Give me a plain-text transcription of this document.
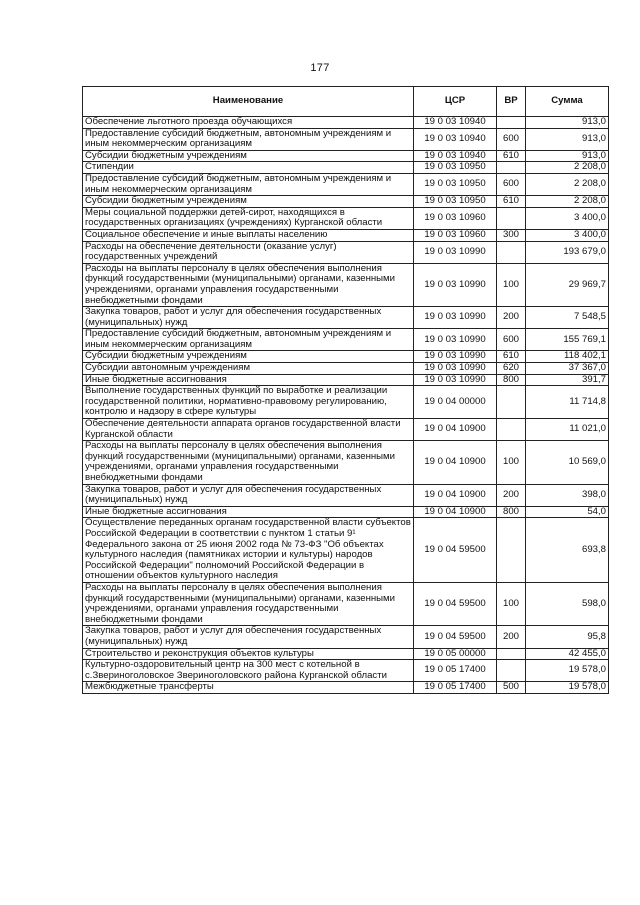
177
Наименование	ЦСР	ВР	Сумма
Обеспечение льготного проезда обучающихся	19 0 03 10940		913,0
Предоставление субсидий бюджетным, автономным учреждениям и иным некоммерческим организациям	19 0 03 10940	600	913,0
Субсидии бюджетным учреждениям	19 0 03 10940	610	913,0
Стипендии	19 0 03 10950		2 208,0
Предоставление субсидий бюджетным, автономным учреждениям и иным некоммерческим организациям	19 0 03 10950	600	2 208,0
Субсидии бюджетным учреждениям	19 0 03 10950	610	2 208,0
Меры социальной поддержки детей-сирот, находящихся в государственных организациях (учреждениях) Курганской области	19 0 03 10960		3 400,0
Социальное обеспечение и иные выплаты населению	19 0 03 10960	300	3 400,0
Расходы на обеспечение деятельности (оказание услуг) государственных учреждений	19 0 03 10990		193 679,0
Расходы на выплаты персоналу в целях обеспечения выполнения функций государственными (муниципальными) органами, казенными учреждениями, органами управления государственными внебюджетными фондами	19 0 03 10990	100	29 969,7
Закупка товаров, работ и услуг для обеспечения государственных (муниципальных) нужд	19 0 03 10990	200	7 548,5
Предоставление субсидий бюджетным, автономным учреждениям и иным некоммерческим организациям	19 0 03 10990	600	155 769,1
Субсидии бюджетным учреждениям	19 0 03 10990	610	118 402,1
Субсидии автономным учреждениям	19 0 03 10990	620	37 367,0
Иные бюджетные ассигнования	19 0 03 10990	800	391,7
Выполнение государственных функций по выработке и реализации государственной политики, нормативно-правовому регулированию, контролю и надзору в сфере культуры	19 0 04 00000		11 714,8
Обеспечение деятельности аппарата органов государственной власти Курганской области	19 0 04 10900		11 021,0
Расходы на выплаты персоналу в целях обеспечения выполнения функций государственными (муниципальными) органами, казенными учреждениями, органами управления государственными внебюджетными фондами	19 0 04 10900	100	10 569,0
Закупка товаров, работ и услуг для обеспечения государственных (муниципальных) нужд	19 0 04 10900	200	398,0
Иные бюджетные ассигнования	19 0 04 10900	800	54,0
Осуществление переданных органам государственной власти субъектов Российской Федерации в соответствии с пунктом 1 статьи 9¹ Федерального закона от 25 июня 2002 года № 73-ФЗ "Об объектах культурного наследия (памятниках истории и культуры) народов Российской Федерации" полномочий Российской Федерации в отношении объектов культурного наследия	19 0 04 59500		693,8
Расходы на выплаты персоналу в целях обеспечения выполнения функций государственными (муниципальными) органами, казенными учреждениями, органами управления государственными внебюджетными фондами	19 0 04 59500	100	598,0
Закупка товаров, работ и услуг для обеспечения государственных (муниципальных) нужд	19 0 04 59500	200	95,8
Строительство и реконструкция объектов культуры	19 0 05 00000		42 455,0
Культурно-оздоровительный центр на 300 мест с котельной в с.Звериноголовское Звериноголовского района Курганской области	19 0 05 17400		19 578,0
Межбюджетные трансферты	19 0 05 17400	500	19 578,0
